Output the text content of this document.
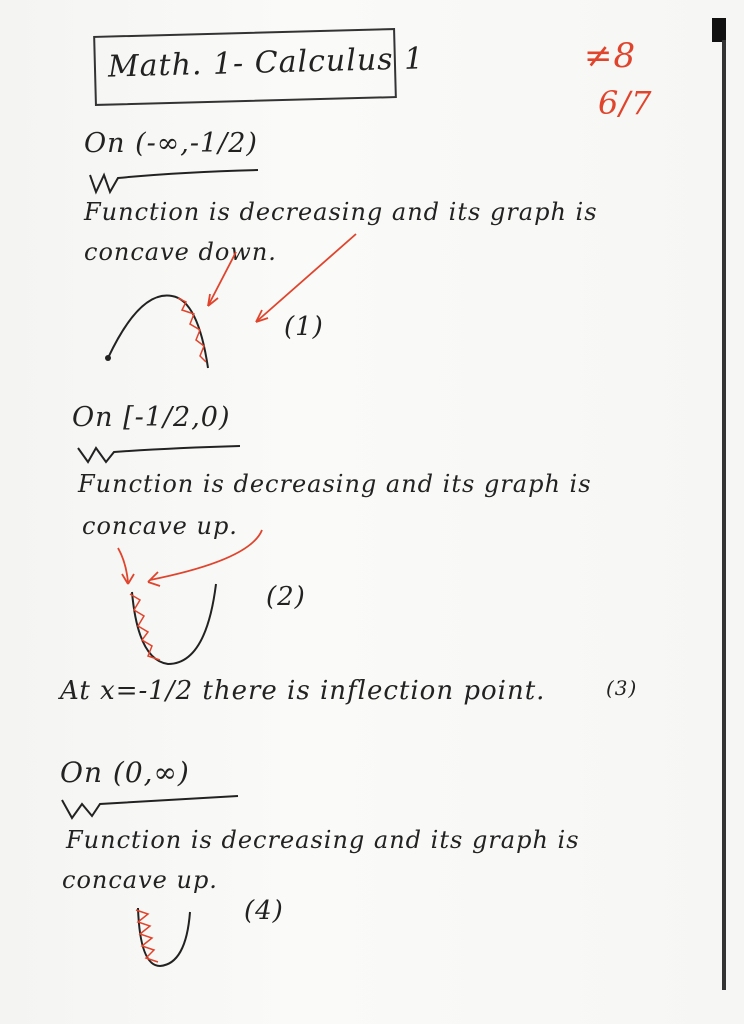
Math. 1- Calculus 1	≠8
6/7
On (-∞,-1/2)
Function is decreasing and its graph is
concave down.
(1)
On [-1/2,0)
Function is decreasing and its graph is
concave up.
(2)
At x=-1/2 there is inflection point.	(3)
On (0,∞)
Function is decreasing and its graph is
concave up.
(4)
